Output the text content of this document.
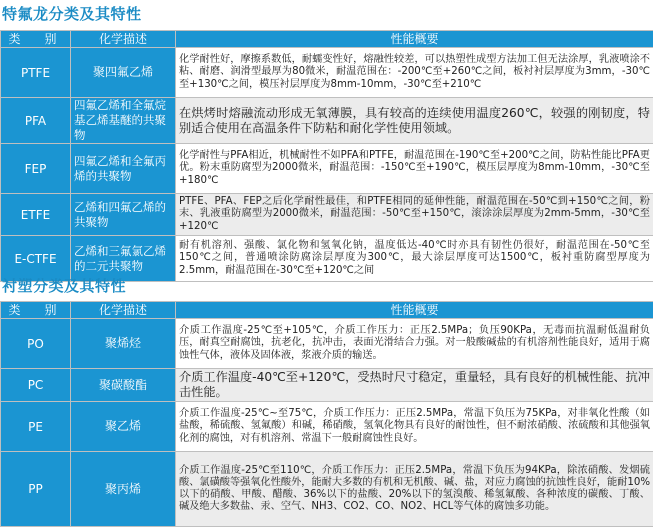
特氟龙分类及其特性
类　别	化学描述	性能概要
PTFE	聚四氟乙烯	化学耐性好，摩擦系数低，耐蠕变性好，熔融性较差，可以热塑性成型方法加工但无法涂厚，乳液喷涂不粘、耐磨、润滑型最厚为80微米，耐温范围在：-200℃至+260℃之间，板衬衬层厚度为3mm，-30℃至+130℃之间，模压衬层厚度为8mm-10mm，-30℃至+210℃
PFA	四氟乙烯和全氟烷基乙烯基醚的共聚物	在烘烤时熔融流动形成无氧薄膜，具有较高的连续使用温度260℃，较强的刚韧度，特别适合使用在高温条件下防粘和耐化学性使用领域。
FEP	四氟乙烯和全氟丙烯的共聚物	化学耐性与PFA相近，机械耐性不如PFA和PTFE，耐温范围在-190℃至+200℃之间，防粘性能比PFA更优。粉末重防腐型为2000微米，耐温范围：-150℃至+190℃，模压层厚度为8mm-10mm，-30℃至+180℃
ETFE	乙烯和四氟乙烯的共聚物	PTFE、PFA、FEP之后化学耐性最佳，和PTFE相同的延伸性能，耐温范围在-50℃到+150℃之间，粉末、乳液重防腐型为2000微米，耐温范围：-50℃至+150℃，滚涂涂层厚度为2mm-5mm，-30℃至+120℃
E-CTFE	乙烯和三氟氯乙烯的二元共聚物	耐有机溶剂、强酸、氯化物和氢氧化钠，温度低达-40℃时亦具有韧性仍很好，耐温范围在-50℃至150℃之间，普通喷涂防腐涂层厚度为300℃，最大涂层厚度可达1500℃，板衬重防腐型厚度为2.5mm，耐温范围在-30℃至+120℃之间
衬塑分类及其特性
类　别	化学描述	性能概要
PO	聚烯烃	介质工作温度-25℃至+105℃，介质工作压力：正压2.5MPa；负压90KPa，无毒而抗温耐低温耐负压，耐真空耐腐蚀，抗老化，抗冲击，表面光滑结合力强。对一般酸碱盐的有机溶剂性能良好，适用于腐蚀性气体，液体及固体液，浆液介质的输送。
PC	聚碳酸酯	介质工作温度-40℃至+120℃，受热时尺寸稳定，重量轻，具有良好的机械性能、抗冲击性能。
PE	聚乙烯	介质工作温度-25℃~至75℃，介质工作压力：正压2.5MPa，常温下负压为75KPa，对非氧化性酸（如盐酸，稀硫酸、氢氟酸）和碱，稀硝酸，氢氧化物具有良好的耐蚀性，但不耐浓硝酸、浓硫酸和其他强氧化剂的腐蚀，对有机溶剂、常温下一般耐腐蚀性良好。
PP	聚丙烯	介质工作温度-25℃至110℃，介质工作压力：正压2.5MPa，常温下负压为94KPa，除浓硝酸、发烟硫酸、氯磺酸等强氧化性酸外，能耐大多数的有机和无机酸、碱、盐，对应力腐蚀的抗蚀性良好，能耐10%以下的硝酸、甲酸、醋酸、36%以下的盐酸、20%以下的氢溴酸、稀氢氟酸、各种浓度的碳酸、丁酸、碱及绝大多数盐、汞、空气、NH3、CO2、CO、NO2、HCL等气体的腐蚀多功能。
